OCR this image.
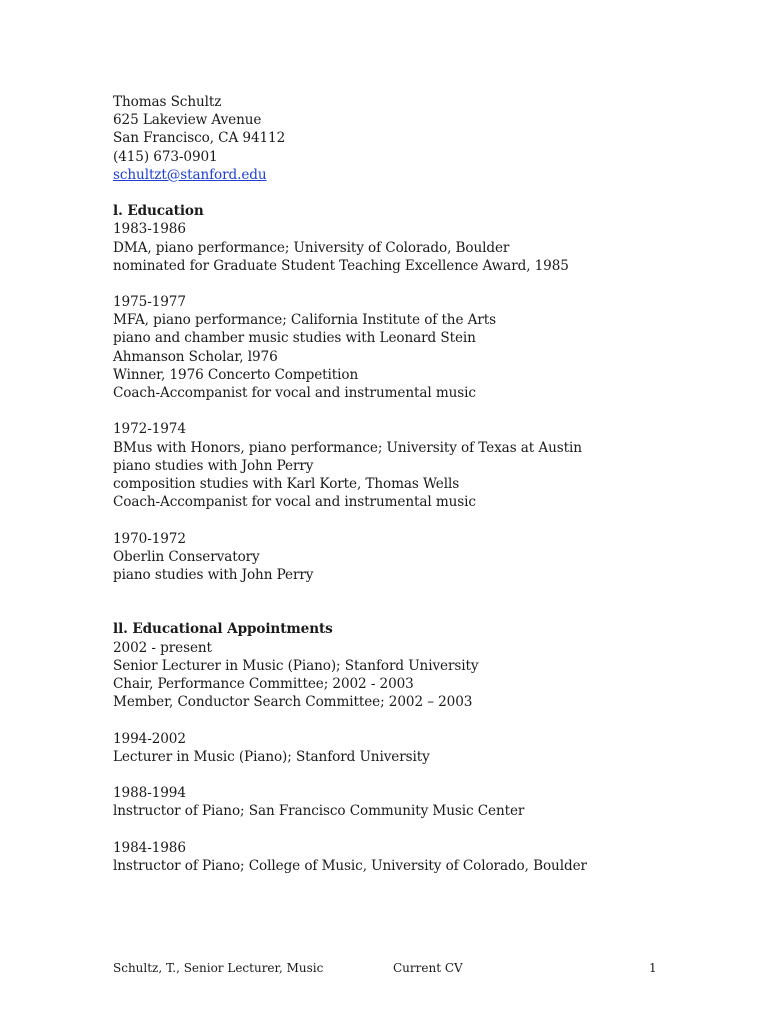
Thomas Schultz
625 Lakeview Avenue
San Francisco, CA 94112
(415) 673-0901
schultzt@stanford.edu
l. Education
1983-1986
DMA, piano performance; University of Colorado, Boulder
nominated for Graduate Student Teaching Excellence Award, 1985
1975-1977
MFA, piano performance; California Institute of the Arts
piano and chamber music studies with Leonard Stein
Ahmanson Scholar, l976
Winner, 1976 Concerto Competition
Coach-Accompanist for vocal and instrumental music
1972-1974
BMus with Honors, piano performance; University of Texas at Austin
piano studies with John Perry
composition studies with Karl Korte, Thomas Wells
Coach-Accompanist for vocal and instrumental music
1970-1972
Oberlin Conservatory
piano studies with John Perry
ll. Educational Appointments
2002 - present
Senior Lecturer in Music (Piano); Stanford University
Chair, Performance Committee; 2002 - 2003
Member, Conductor Search Committee; 2002 – 2003
1994-2002
Lecturer in Music (Piano); Stanford University
1988-1994
lnstructor of Piano; San Francisco Community Music Center
1984-1986
lnstructor of Piano; College of Music, University of Colorado, Boulder
Schultz, T., Senior Lecturer, Music	Current CV	1
